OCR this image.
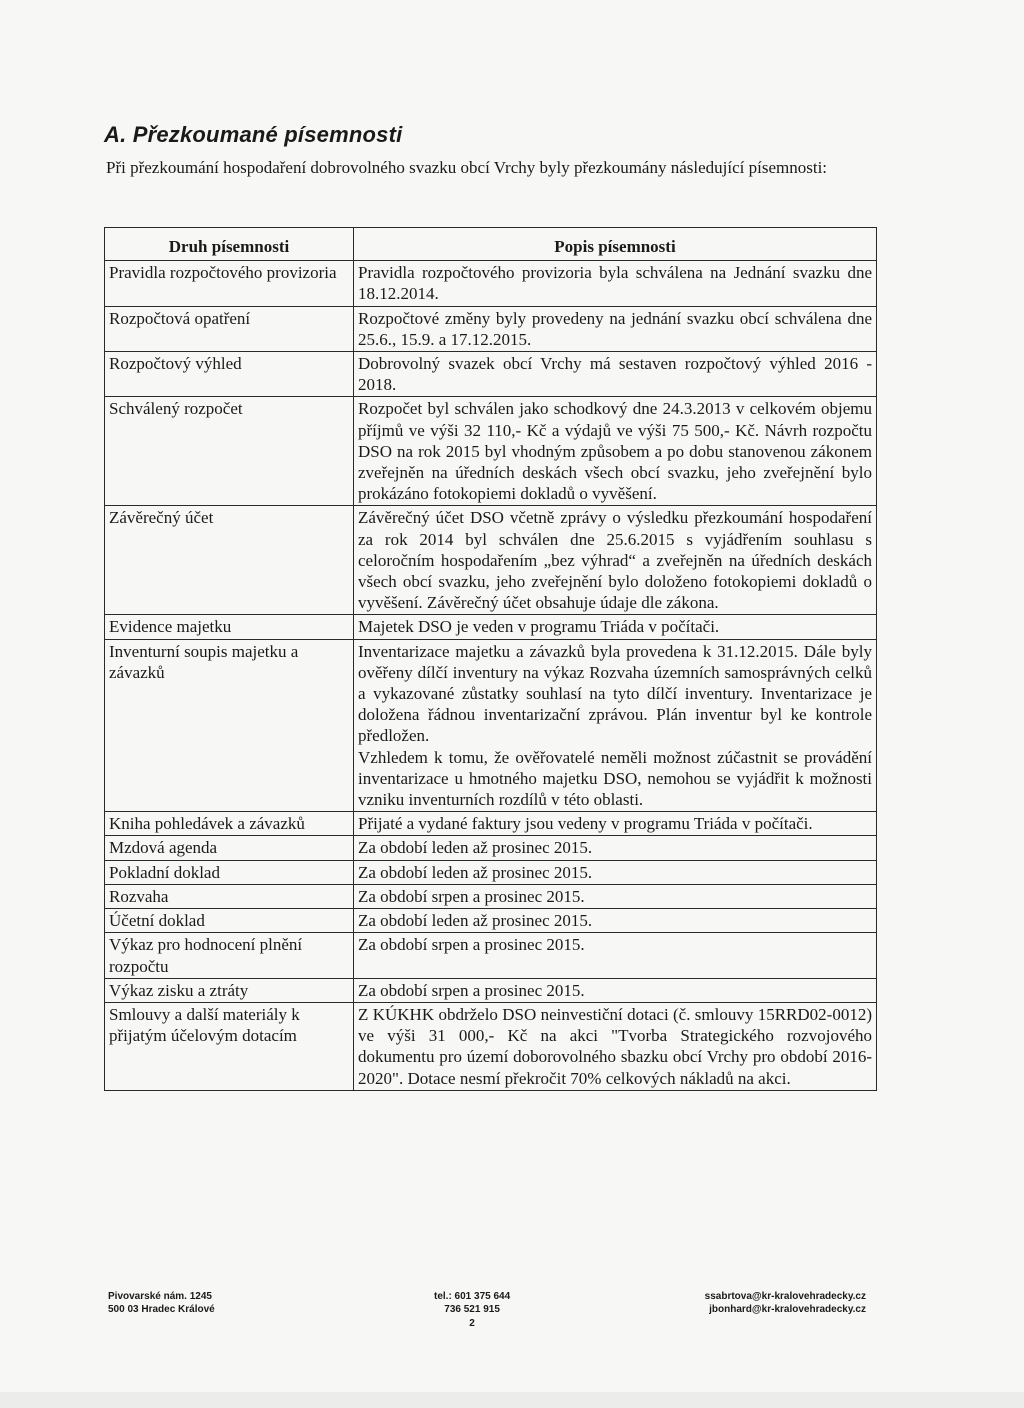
A. Přezkoumané písemnosti
Při přezkoumání hospodaření dobrovolného svazku obcí Vrchy byly přezkoumány následující písemnosti:
Druh písemnosti	Popis písemnosti
Pravidla rozpočtového provizoria	Pravidla rozpočtového provizoria byla schválena na Jednání svazku dne 18.12.2014.
Rozpočtová opatření	Rozpočtové změny byly provedeny na jednání svazku obcí schválena dne 25.6., 15.9. a 17.12.2015.
Rozpočtový výhled	Dobrovolný svazek obcí Vrchy má sestaven rozpočtový výhled 2016 - 2018.
Schválený rozpočet	Rozpočet byl schválen jako schodkový dne 24.3.2013 v celkovém objemu příjmů ve výši 32 110,- Kč a výdajů ve výši 75 500,- Kč. Návrh rozpočtu DSO na rok 2015 byl vhodným způsobem a po dobu stanovenou zákonem zveřejněn na úředních deskách všech obcí svazku, jeho zveřejnění bylo prokázáno fotokopiemi dokladů o vyvěšení.
Závěrečný účet	Závěrečný účet DSO včetně zprávy o výsledku přezkoumání hospodaření za rok 2014 byl schválen dne 25.6.2015 s vyjádřením souhlasu s celoročním hospodařením „bez výhrad“ a zveřejněn na úředních deskách všech obcí svazku, jeho zveřejnění bylo doloženo fotokopiemi dokladů o vyvěšení. Závěrečný účet obsahuje údaje dle zákona.
Evidence majetku	Majetek DSO je veden v programu Triáda v počítači.
Inventurní soupis majetku a závazků	Inventarizace majetku a závazků byla provedena k 31.12.2015. Dále byly ověřeny dílčí inventury na výkaz Rozvaha územních samosprávných celků a vykazované zůstatky souhlasí na tyto dílčí inventury. Inventarizace je doložena řádnou inventarizační zprávou. Plán inventur byl ke kontrole předložen.
Vzhledem k tomu, že ověřovatelé neměli možnost zúčastnit se provádění inventarizace u hmotného majetku DSO, nemohou se vyjádřit k možnosti vzniku inventurních rozdílů v této oblasti.

Kniha pohledávek a závazků	Přijaté a vydané faktury jsou vedeny v programu Triáda v počítači.
Mzdová agenda	Za období leden až prosinec 2015.
Pokladní doklad	Za období leden až prosinec 2015.
Rozvaha	Za období srpen a prosinec 2015.
Účetní doklad	Za období leden až prosinec 2015.
Výkaz pro hodnocení plnění rozpočtu	Za období srpen a prosinec 2015.
Výkaz zisku a ztráty	Za období srpen a prosinec 2015.
Smlouvy a další materiály k přijatým účelovým dotacím	Z KÚKHK obdrželo DSO neinvestiční dotaci (č. smlouvy 15RRD02-0012) ve výši 31 000,- Kč na akci "Tvorba Strategického rozvojového dokumentu pro území doborovolného sbazku obcí Vrchy pro období 2016-2020". Dotace nesmí překročit 70% celkových nákladů na akci.
Pivovarské nám. 1245
500 03 Hradec Králové
tel.: 601 375 644
736 521 915
2
ssabrtova@kr-kralovehradecky.cz
jbonhard@kr-kralovehradecky.cz
